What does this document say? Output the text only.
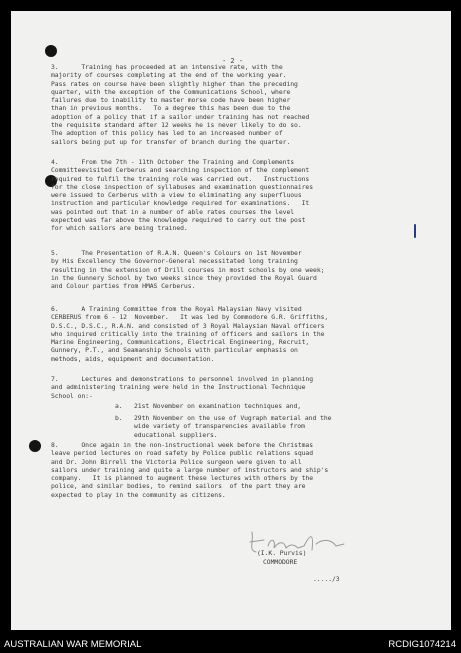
- 2 -
3.      Training has proceeded at an intensive rate, with the
majority of courses completing at the end of the working year.
Pass rates on course have been slightly higher than the preceding
quarter, with the exception of the Communications School, where
failures due to inability to master morse code have been higher
than in previous months.   To a degree this has been due to the
adoption of a policy that if a sailor under training has not reached
the requisite standard after 12 weeks he is never likely to do so.
The adoption of this policy has led to an increased number of
sailors being put up for transfer of branch during the quarter.
4.      From the 7th - 11th October the Training and Complements
Committeevisited Cerberus and searching inspection of the complement
required to fulfil the training role was carried out.   Instructions
for the close inspection of syllabuses and examination questionnaires
were issued to Cerberus with a view to eliminating any superfluous
instruction and particular knowledge required for examinations.   It
was pointed out that in a number of able rates courses the level
expected was far above the knowledge required to carry out the post
for which sailors are being trained.
5.      The Presentation of R.A.N. Queen's Colours on 1st November
by His Excellency the Governor-General necessitated long training
resulting in the extension of Drill courses in most schools by one week;
in the Gunnery School by two weeks since they provided the Royal Guard
and Colour parties from HMAS Cerberus.
6.      A Training Committee from the Royal Malaysian Navy visited
CERBERUS from 6 - 12  November.   It was led by Commodore G.R. Griffiths,
D.S.C., D.S.C., R.A.N. and consisted of 3 Royal Malaysian Naval officers
who inquired critically into the training of officers and sailors in the
Marine Engineering, Communications, Electrical Engineering, Recruit,
Gunnery, P.T., and Seamanship Schools with particular emphasis on
methods, aids, equipment and documentation.
7.      Lectures and demonstrations to personnel involved in planning
and administering training were held in the Instructional Technique
School on:-
a.   21st November on examination techniques and,
b.   29th November on the use of Vugraph material and the
wide variety of transparencies available from
educational suppliers.
8.      Once again in the non-instructional week before the Christmas
leave period lectures on road safety by Police public relations squad
and Dr. John Birrell the Victoria Police surgeon were given to all
sailors under training and quite a large number of instructors and ship's
company.   It is planned to augment these lectures with others by the
police, and similar bodies, to remind sailors  of the part they are
expected to play in the community as citizens.
(I.K. Purvis)
COMMODORE
...../3
AUSTRALIAN WAR MEMORIAL	RCDIG1074214
